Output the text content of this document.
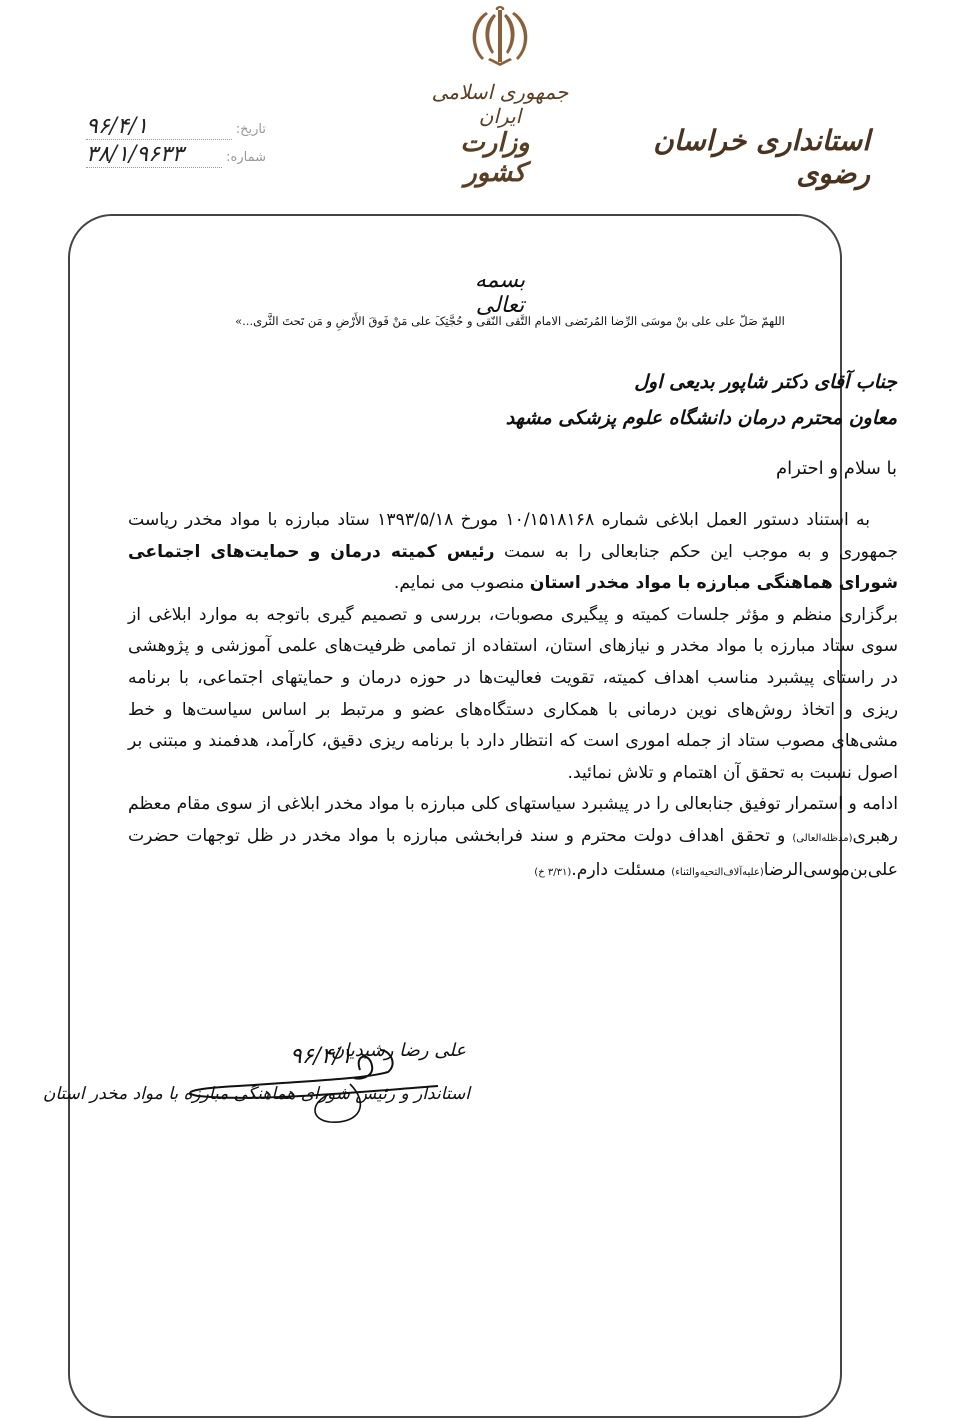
جمهوری اسلامی ایران
وزارت کشور
استانداری خراسان رضوی
تاریخ:
۹۶/۴/۱
شماره:
۳۸/۱/۹۶۳۳
بسمه تعالی
اللهمّ صَلّ علی علی بنْ موسَی الرِّضا المُرتَضی الامام التَّقی النّقی و حُجَّتِکَ علی مَنْ فَوقَ الأَرْضِ و مَن تَحتَ الثَّری...»
جناب آقای دکتر شاپور بدیعی اول
معاون محترم درمان دانشگاه علوم پزشکی مشهد
با سلام و احترام

به استناد دستور العمل ابلاغی شماره ۱۰/۱۵۱۸۱۶۸ مورخ ۱۳۹۳/۵/۱۸ ستاد مبارزه با مواد مخدر ریاست جمهوری و به موجب این حکم جنابعالی را به سمت رئیس کمیته درمان و حمایت‌های اجتماعی شورای هماهنگی مبارزه با مواد مخدر استان منصوب می نمایم.

برگزاری منظم و مؤثر جلسات کمیته و پیگیری مصوبات، بررسی و تصمیم گیری باتوجه به موارد ابلاغی از سوی ستاد مبارزه با مواد مخدر و نیازهای استان، استفاده از تمامی ظرفیت‌های علمی آموزشی و پژوهشی در راستای پیشبرد مناسب اهداف کمیته، تقویت فعالیت‌ها در حوزه درمان و حمایتهای اجتماعی، با برنامه ریزی و اتخاذ روش‌های نوین درمانی با همکاری دستگاه‌های عضو و مرتبط بر اساس سیاست‌ها و خط مشی‌های مصوب ستاد از جمله اموری است که انتظار دارد با برنامه ریزی دقیق، کارآمد، هدفمند و مبتنی بر اصول نسبت به تحقق آن اهتمام و تلاش نمائید.

ادامه و استمرار توفیق جنابعالی را در پیشبرد سیاستهای کلی مبارزه با مواد مخدر ابلاغی از سوی مقام معظم رهبری(مدظله‌العالی) و تحقق اهداف دولت محترم و سند فرابخشی مبارزه با مواد مخدر در ظل توجهات حضرت علی‌بن‌موسی‌الرضا(علیه‌آلاف‌التحیه‌والثناء) مسئلت دارم.(۳/۳۱ خ)

علی رضا رشیدیان
۹۶/۴/۱
استاندار و رئیس شورای هماهنگی مبارزه با مواد مخدر استان
